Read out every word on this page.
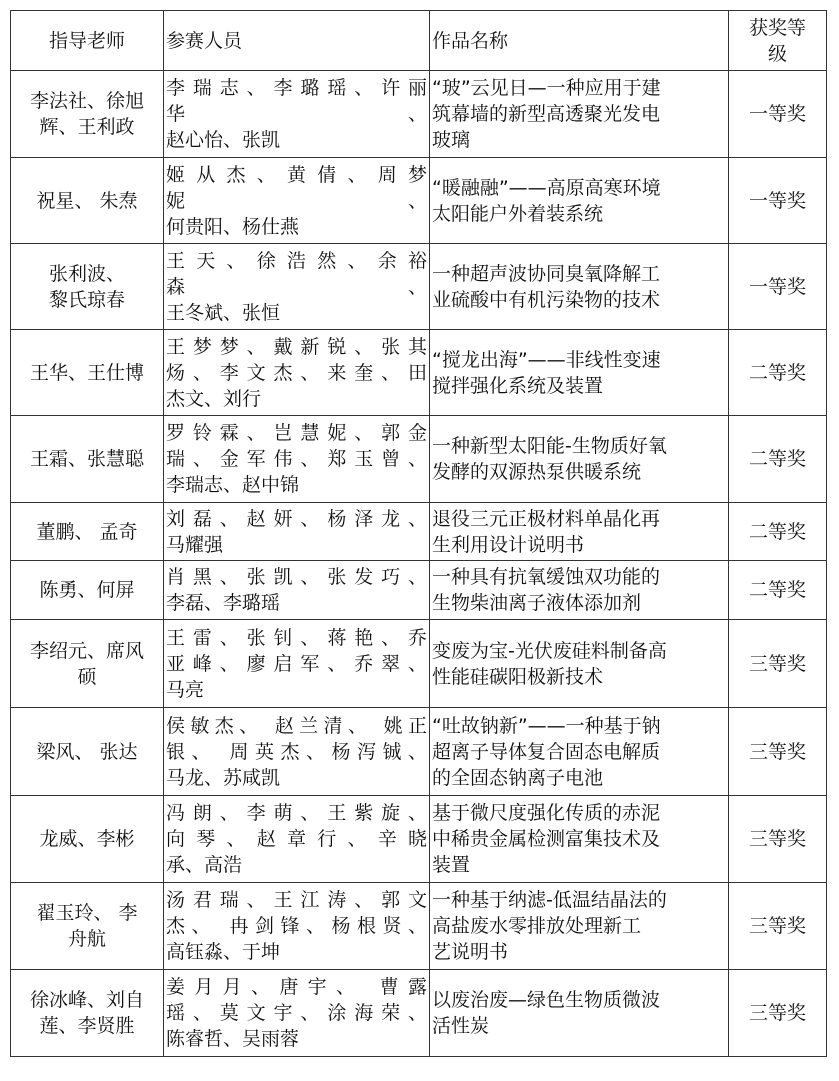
指导老师	参赛人员	作品名称	获奖等
级

李法社、徐旭
辉、王利政	李瑞志、李璐瑶、许丽
华、
赵心怡、张凯	“玻”云见日—一种应用于建
筑幕墙的新型高透聚光发电
玻璃	一等奖

祝星、 朱焘	姬从杰、黄倩、周梦
妮、
何贵阳、杨仕燕	“暖融融”——高原高寒环境
太阳能户外着装系统	一等奖

张利波、
黎氏琼春	王天、徐浩然、余裕
森、
王冬斌、张恒	一种超声波协同臭氧降解工
业硫酸中有机污染物的技术	一等奖

王华、王仕博	王梦梦、戴新锐、张其
炀、李文杰、来奎、田
杰文、刘行	“搅龙出海”——非线性变速
搅拌强化系统及装置	二等奖

王霜、张慧聪	罗铃霖、岂慧妮、郭金
瑞、金军伟、郑玉曾、
李瑞志、赵中锦	一种新型太阳能-生物质好氧
发酵的双源热泵供暖系统	二等奖

董鹏、 孟奇	刘磊、赵妍、杨泽龙、
马耀强	退役三元正极材料单晶化再
生利用设计说明书	二等奖

陈勇、何屏	肖黑、张凯、张发巧、
李磊、李璐瑶	一种具有抗氧缓蚀双功能的
生物柴油离子液体添加剂	二等奖

李绍元、席风
硕	王雷、张钊、蒋艳、乔
亚峰、廖启军、乔翠、
马亮	变废为宝-光伏废硅料制备高
性能硅碳阳极新技术	三等奖

梁风、 张达	侯敏杰、 赵兰清、 姚正
银、 周英杰、杨泻铖、
马龙、苏咸凯	“吐故钠新”——一种基于钠
超离子导体复合固态电解质
的全固态钠离子电池	三等奖

龙威、李彬	冯朗、李萌、王紫旋、
向琴、赵章行、辛晓
承、高浩	基于微尺度强化传质的赤泥
中稀贵金属检测富集技术及
装置	三等奖

翟玉玲、 李
舟航	汤君瑞、王江涛、郭文
杰、 冉剑锋、杨根贤、
高钰淼、于坤	一种基于纳滤-低温结晶法的
高盐废水零排放处理新工
艺说明书	三等奖

徐冰峰、刘自
莲、李贤胜	姜月月、唐宇、 曹露
瑶、莫文宇、涂海荣、
陈睿哲、吴雨蓉	以废治废—绿色生物质微波
活性炭	三等奖
